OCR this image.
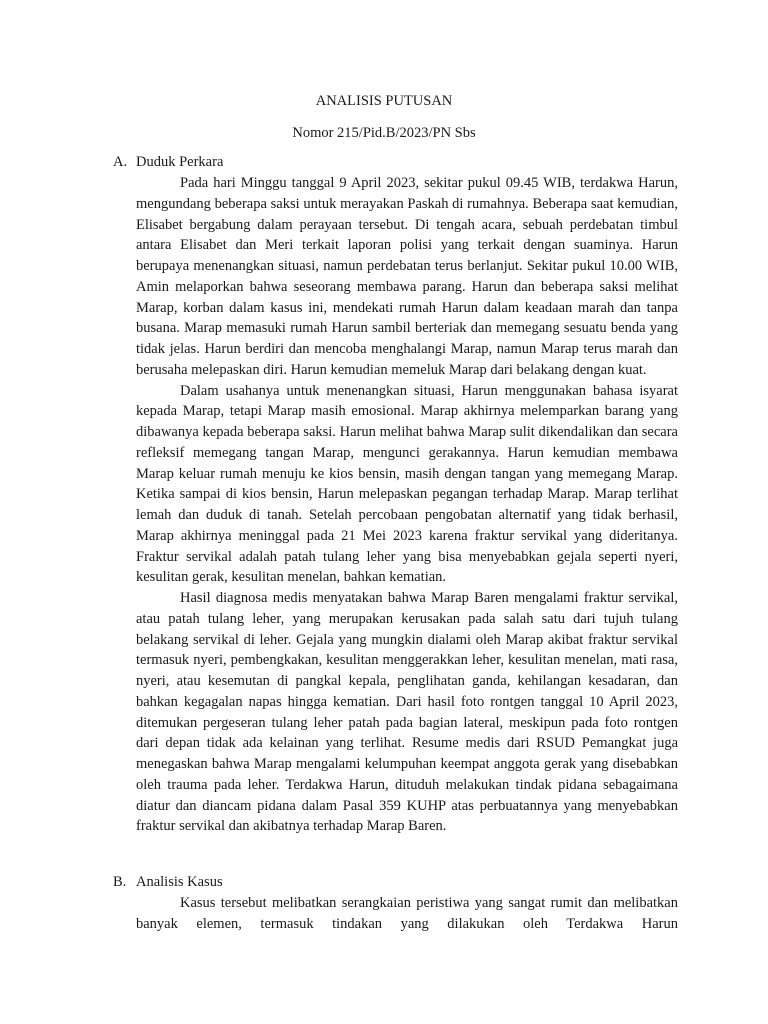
ANALISIS PUTUSAN
Nomor 215/Pid.B/2023/PN Sbs
A. Duduk Perkara

Pada hari Minggu tanggal 9 April 2023, sekitar pukul 09.45 WIB, terdakwa Harun, mengundang beberapa saksi untuk merayakan Paskah di rumahnya. Beberapa saat kemudian, Elisabet bergabung dalam perayaan tersebut. Di tengah acara, sebuah perdebatan timbul antara Elisabet dan Meri terkait laporan polisi yang terkait dengan suaminya. Harun berupaya menenangkan situasi, namun perdebatan terus berlanjut. Sekitar pukul 10.00 WIB, Amin melaporkan bahwa seseorang membawa parang. Harun dan beberapa saksi melihat Marap, korban dalam kasus ini, mendekati rumah Harun dalam keadaan marah dan tanpa busana. Marap memasuki rumah Harun sambil berteriak dan memegang sesuatu benda yang tidak jelas. Harun berdiri dan mencoba menghalangi Marap, namun Marap terus marah dan berusaha melepaskan diri. Harun kemudian memeluk Marap dari belakang dengan kuat.

Dalam usahanya untuk menenangkan situasi, Harun menggunakan bahasa isyarat kepada Marap, tetapi Marap masih emosional. Marap akhirnya melemparkan barang yang dibawanya kepada beberapa saksi. Harun melihat bahwa Marap sulit dikendalikan dan secara refleksif memegang tangan Marap, mengunci gerakannya. Harun kemudian membawa Marap keluar rumah menuju ke kios bensin, masih dengan tangan yang memegang Marap. Ketika sampai di kios bensin, Harun melepaskan pegangan terhadap Marap. Marap terlihat lemah dan duduk di tanah. Setelah percobaan pengobatan alternatif yang tidak berhasil, Marap akhirnya meninggal pada 21 Mei 2023 karena fraktur servikal yang dideritanya. Fraktur servikal adalah patah tulang leher yang bisa menyebabkan gejala seperti nyeri, kesulitan gerak, kesulitan menelan, bahkan kematian.

Hasil diagnosa medis menyatakan bahwa Marap Baren mengalami fraktur servikal, atau patah tulang leher, yang merupakan kerusakan pada salah satu dari tujuh tulang belakang servikal di leher. Gejala yang mungkin dialami oleh Marap akibat fraktur servikal termasuk nyeri, pembengkakan, kesulitan menggerakkan leher, kesulitan menelan, mati rasa, nyeri, atau kesemutan di pangkal kepala, penglihatan ganda, kehilangan kesadaran, dan bahkan kegagalan napas hingga kematian. Dari hasil foto rontgen tanggal 10 April 2023, ditemukan pergeseran tulang leher patah pada bagian lateral, meskipun pada foto rontgen dari depan tidak ada kelainan yang terlihat. Resume medis dari RSUD Pemangkat juga menegaskan bahwa Marap mengalami kelumpuhan keempat anggota gerak yang disebabkan oleh trauma pada leher. Terdakwa Harun, dituduh melakukan tindak pidana sebagaimana diatur dan diancam pidana dalam Pasal 359 KUHP atas perbuatannya yang menyebabkan fraktur servikal dan akibatnya terhadap Marap Baren.

B. Analisis Kasus

Kasus tersebut melibatkan serangkaian peristiwa yang sangat rumit dan melibatkan banyak elemen, termasuk tindakan yang dilakukan oleh Terdakwa Harun
